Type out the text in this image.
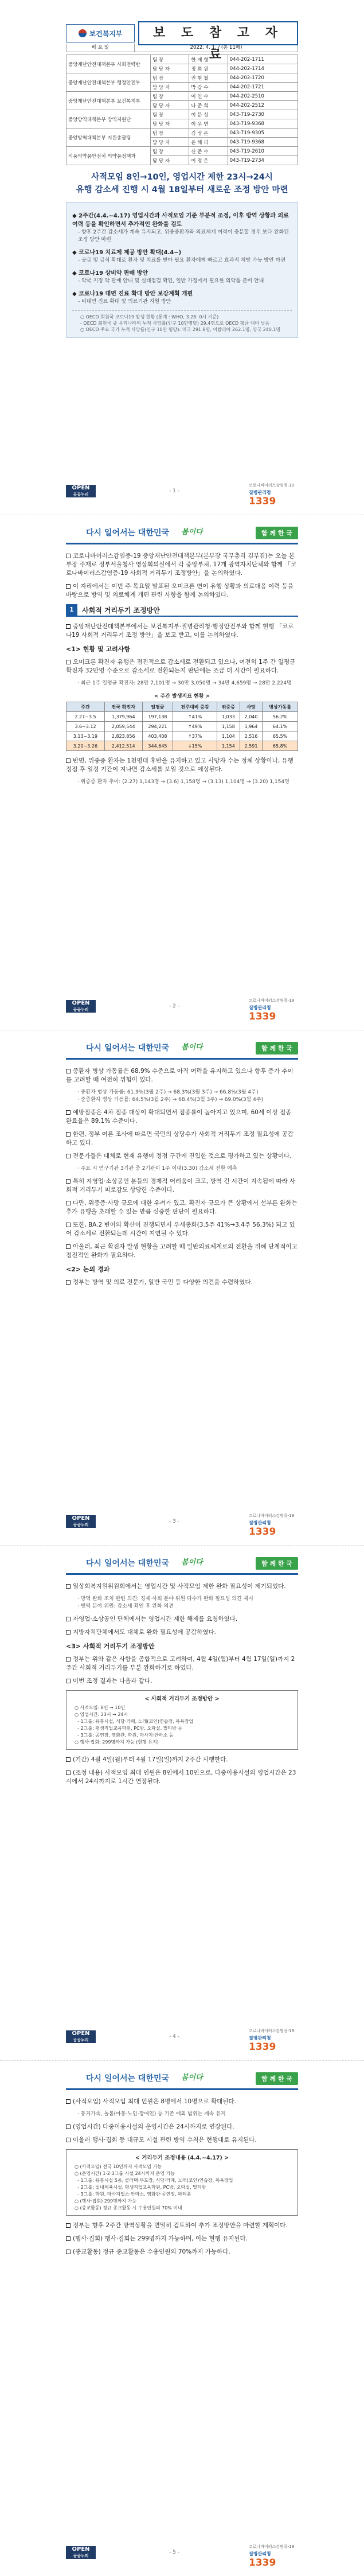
보건복지부	보 도 참 고 자 료
배 포 일	2022. 4. 1. / (총 11매)
중앙재난안전대책본부 사회전략반	팀 장	한 재 형	044-202-1711
	담 당 자	정 희 원	044-202-1714
중앙재난안전대책본부 행정안전부	팀 장	권 현 철	044-202-1720
	담 당 자	박 갑 수	044-202-1721
중앙재난안전대책본부 보건복지부	팀 장	이 인 수	044-202-2510
	담 당 자	나 준 희	044-202-2512
중앙방역대책본부 방역지원단	팀 장	이 문 성	043-719-2730
	담 당 자	이 우 연	043-719-9368
중앙방역대책본부 지원총괄팀	팀 장	김 성 은	043-719-9305
	담 당 자	윤 해 리	043-719-9368
식품의약품안전처 의약품정책과	팀 장	신 준 수	043-719-2610
	담 당 자	이 정 은	043-719-2734
사적모임 8인→10인, 영업시간 제한 23시→24시
유행 감소세 진행 시 4월 18일부터 새로운 조정 방안 마련
◆ 2주간(4.4.~4.17) 영업시간과 사적모임 기준 부분적 조정, 이후 방역 상황과 의료 여력 등을 확인하면서 추가적인 완화를 검토
- 향후 2주간 감소세가 계속 유지되고, 위중증환자와 의료체계 여력이 충분할 경우 보다 완화된 조정 방안 마련
◆ 코로나19 치료제 제공 방안 확대(4.4~)
- 공급 및 급식 확대로 환자 및 치료를 받아 필요 환자에게 빠르고 효과적 처방 가능 방안 마련
◆ 코로나19 상비약 판매 방안
- 약국 지정 약 판매 안내 및 실태점검 확인, 일반 가정에서 필요한 의약품 준비 안내
◆ 코로나19 대면 진료 확대 방안 보강계획 개편
- 비대면 진료 확대 및 의료기관 지원 방안
○ OECD 회원국 코로나19 발생 현황 (통계 : WHO, 3.28. 0시 기준)
- OECD 회원국 중 우리나라의 누적 사망률(인구 10만명당) 29.4명으로 OECD 평균 대비 낮음
○ OECD 주요 국가 누적 사망률(인구 10만 명당): 미국 291.8명, 이탈리아 262.1명, 영국 240.1명
OPEN
공공누리
- 1 -
코로나바이러스감염증-19
질병관리청 1339
다시 일어서는 대한민국 봄이다	함 께 한 국

코로나바이러스감염증-19 중앙재난안전대책본부(본부장 국무총리 김부겸)는 오늘 본부장 주재로 정부서울청사 영상회의실에서 각 중앙부처, 17개 광역자치단체와 함께 「코로나바이러스감염증-19 사회적 거리두기 조정방안」을 논의하였다.

이 자리에서는 이번 주 목요일 발표된 오미크론 변이 유행 상황과 의료대응 여력 등을 바탕으로 방역 및 의료체계 개편 관련 사항을 함께 논의하였다.

1	사회적 거리두기 조정방안

중앙재난안전대책본부에서는 보건복지부·질병관리청·행정안전부와 함께 현행 「코로나19 사회적 거리두기 조정 방안」을 보고 받고, 이를 논의하였다.

<1> 현황 및 고려사항

오미크론 확진자 유행은 점진적으로 감소세로 전환되고 있으나, 여전히 1주 간 일평균 확진자 32만명 수준으로 감소세로 전환되는지 판단에는 조금 더 시간이 필요하다.

· 최근 1주 일평균 확진자: 28만 7,101명 → 30만 3,050명 → 34만 4,659명 → 28만 2,224명
< 주간 발생지표 현황 >
주간	전국 확진자	일평균	전주대비 증감	위중증	사망	병상가동률
2.27~3.5	1,379,964	197,138	↑41%	1,033	2,040	56.2%
3.6~3.12	2,059,544	294,221	↑49%	1,158	1,964	64.1%
3.13~3.19	2,823,856	403,408	↑37%	1,104	2,516	65.5%
3.20~3.26	2,412,514	344,645	↓15%	1,154	2,591	65.8%

반면, 위중증 환자는 1천명대 후반을 유지하고 있고 사망자 수는 정체 상황이나, 유행 정점 후 일정 기간이 지나면 감소세를 보일 것으로 예상된다.

· 위중증 환자 추이: (2.27) 1,143명 → (3.6) 1,158명 → (3.13) 1,104명 → (3.20) 1,154명
OPEN
공공누리
- 2 -
코로나바이러스감염증-19
질병관리청 1339
다시 일어서는 대한민국 봄이다	함 께 한 국

중환자 병상 가동률은 68.9% 수준으로 아직 여력을 유지하고 있으나 향후 증가 추이를 고려할 때 여전히 위험이 있다.

· 중환자 병상 가동률: 61.9%(3월 2주) → 68.3%(3월 3주) → 66.8%(3월 4주)
· 준중환자 병상 가동률: 64.5%(3월 2주) → 68.4%(3월 3주) → 69.0%(3월 4주)

예방접종은 4차 접종 대상이 확대되면서 접종률이 높아지고 있으며, 60세 이상 접종 완료율은 89.1% 수준이다.

한편, 정부 여론 조사에 따르면 국민의 상당수가 사회적 거리두기 조정 필요성에 공감하고 있다.

전문가들은 대체로 현재 유행이 정점 구간에 진입한 것으로 평가하고 있는 상황이다.

· 주요 시 연구기관 3기관 중 2기관이 1주 이내(3.30) 감소세 전환 예측

특히 자영업·소상공인 분들의 경제적 어려움이 크고, 방역 긴 시간이 지속됨에 따라 사회적 거리두기 피로감도 상당한 수준이다.

다만, 위중증·사망 규모에 대한 우려가 있고, 확진자 규모가 큰 상황에서 섣부른 완화는 추가 유행을 초래할 수 있는 만큼 신중한 판단이 필요하다.

또한, BA.2 변이의 확산이 진행되면서 우세종화(3.5주 41%→3.4주 56.3%) 되고 있어 감소세로 전환되는데 시간이 지연될 수 있다.

아울러, 최근 확진자 발생 현황을 고려할 때 일반의료체계로의 전환을 위해 단계적이고 점진적인 완화가 필요하다.

<2> 논의 경과

정부는 방역 및 의료 전문가, 일반 국민 등 다양한 의견을 수렴하였다.

OPEN
공공누리
- 3 -
코로나바이러스감염증-19
질병관리청 1339
다시 일어서는 대한민국 봄이다	함 께 한 국

일상회복지원위원회에서는 영업시간 및 사적모임 제한 완화 필요성이 제기되었다.

· 방역 완화 조치 관련 의견: 경제·사회 분야 위원 다수가 완화 필요성 의견 제시
· 방역 분야 위원: 감소세 확인 후 완화 의견

자영업·소상공인 단체에서는 영업시간 제한 해제를 요청하였다.

지방자치단체에서도 대체로 완화 필요성에 공감하였다.

<3> 사회적 거리두기 조정방안

정부는 위와 같은 사항을 종합적으로 고려하여, 4월 4일(월)부터 4월 17일(일)까지 2주간 사회적 거리두기를 부분 완화하기로 하였다.

이번 조정 결과는 다음과 같다.

< 사회적 거리두기 조정방안 >
○ 사적모임: 8인 → 10인
○ 영업시간: 23시 → 24시
- 1그룹: 유흥시설, 식당·카페, 노래(코인)연습장, 목욕장업
- 2그룹: 평생직업교육학원, PC방, 오락실, 멀티방 등
- 3그룹: 공연장, 영화관, 학원, 마사지·안마소 등
○ 행사·집회: 299명까지 가능 (현행 유지)

(기간) 4월 4일(월)부터 4월 17일(일)까지 2주간 시행한다.

(조정 내용) 사적모임 최대 인원은 8인에서 10인으로, 다중이용시설의 영업시간은 23시에서 24시까지로 1시간 연장된다.

OPEN
공공누리
- 4 -
코로나바이러스감염증-19
질병관리청 1339
다시 일어서는 대한민국 봄이다	함 께 한 국

(사적모임) 사적모임 최대 인원은 8명에서 10명으로 확대된다.

· 동거가족, 돌봄(아동·노인·장애인) 등 기존 예외 범위는 계속 유지

(영업시간) 다중이용시설의 운영시간은 24시까지로 연장된다.

이울러 행사·집회 등 대규모 시설 관련 방역 수칙은 현행대로 유지된다.

< 거리두기 조정내용 (4.4.~4.17) >
○ (사적모임) 전국 10인까지 사적모임 가능
○ (운영시간) 1·2·3그룹 시설 24시까지 운영 가능
- 1그룹: 유흥시설 5종, 콜라텍·무도장, 식당·카페, 노래(코인)연습장, 목욕장업
- 2그룹: 실내체육시설, 평생직업교육학원, PC방, 오락실, 멀티방
- 3그룹: 학원, 마사지업소·안마소, 영화관·공연장, 파티룸
○ (행사·집회) 299명까지 가능
○ (종교활동) 정규 종교활동 시 수용인원의 70% 이내

정부는 향후 2주간 방역상황을 면밀히 검토하여 추가 조정방안을 마련할 계획이다.

(행사·집회) 행사·집회는 299명까지 가능하며, 이는 현행 유지된다.

(종교활동) 정규 종교활동은 수용인원의 70%까지 가능하다.

OPEN
공공누리
- 5 -
코로나바이러스감염증-19
질병관리청 1339
